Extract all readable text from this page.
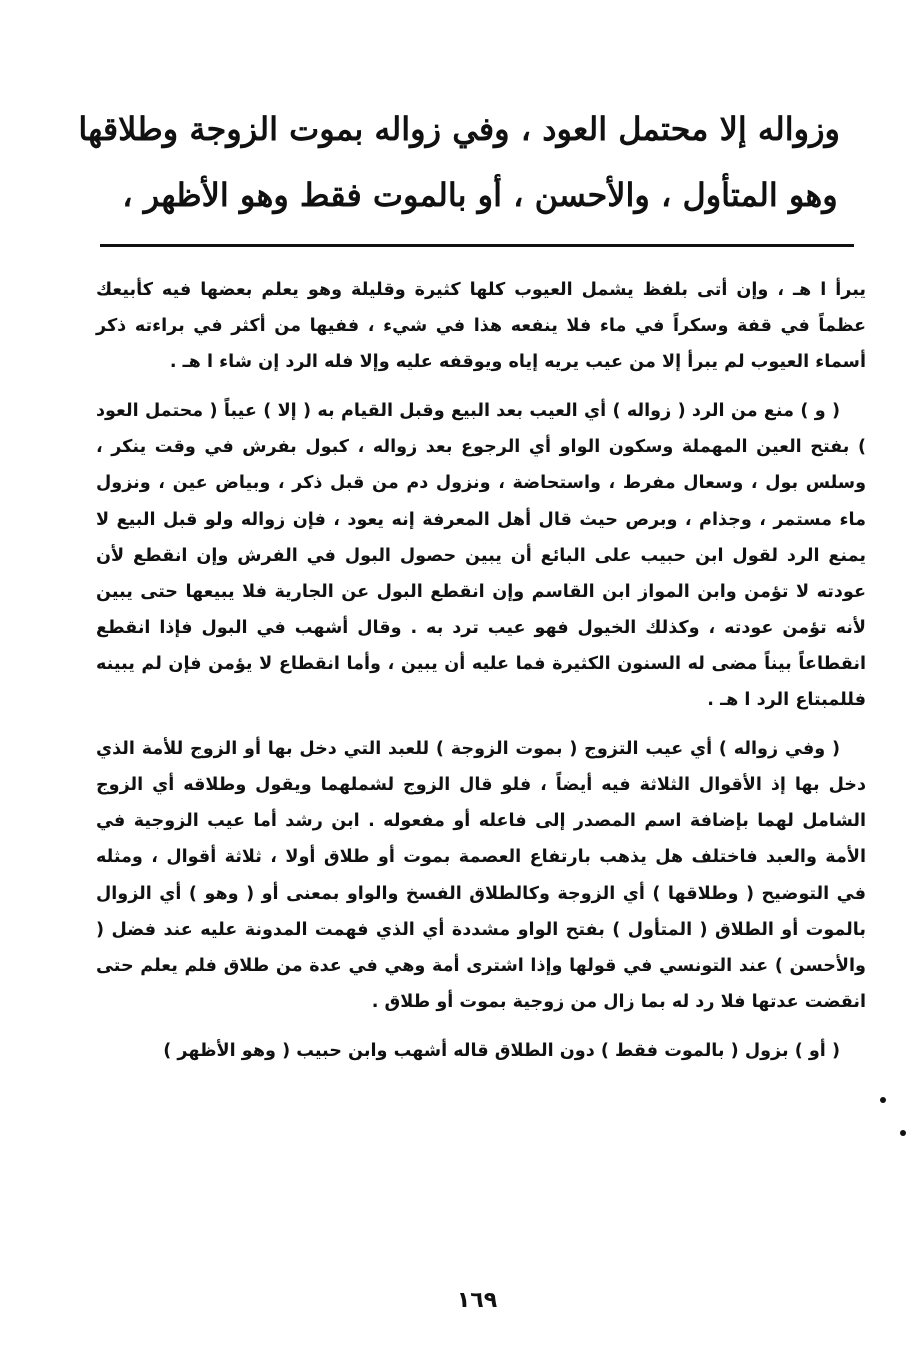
وزواله إلا محتمل العود ، وفي زواله بموت الزوجة وطلاقها
وهو المتأول ، والأحسن ، أو بالموت فقط وهو الأظهر ،

يبرأ ا هـ ، وإن أتى بلفظ يشمل العيوب كلها كثيرة وقليلة وهو يعلم بعضها فيه كأبيعك عظماً في قفة وسكراً في ماء فلا ينفعه هذا في شيء ، ففيها من أكثر في براءته ذكر أسماء العيوب لم يبرأ إلا من عيب يريه إياه ويوقفه عليه وإلا فله الرد إن شاء ا هـ .

( و ) منع من الرد ( زواله ) أي العيب بعد البيع وقبل القيام به ( إلا ) عيباً ( محتمل العود ) بفتح العين المهملة وسكون الواو أي الرجوع بعد زواله ، كبول بفرش في وقت ينكر ، وسلس بول ، وسعال مفرط ، واستحاضة ، ونزول دم من قبل ذكر ، وبياض عين ، ونزول ماء مستمر ، وجذام ، وبرص حيث قال أهل المعرفة إنه يعود ، فإن زواله ولو قبل البيع لا يمنع الرد لقول ابن حبيب على البائع أن يبين حصول البول في الفرش وإن انقطع لأن عودته لا تؤمن وابن المواز ابن القاسم وإن انقطع البول عن الجارية فلا يبيعها حتى يبين لأنه تؤمن عودته ، وكذلك الخيول فهو عيب ترد به . وقال أشهب في البول فإذا انقطع انقطاعاً بيناً مضى له السنون الكثيرة فما عليه أن يبين ، وأما انقطاع لا يؤمن فإن لم يبينه فللمبتاع الرد ا هـ .

( وفي زواله ) أي عيب التزوج ( بموت الزوجة ) للعبد التي دخل بها أو الزوج للأمة الذي دخل بها إذ الأقوال الثلاثة فيه أيضاً ، فلو قال الزوج لشملهما ويقول وطلاقه أي الزوج الشامل لهما بإضافة اسم المصدر إلى فاعله أو مفعوله . ابن رشد أما عيب الزوجية في الأمة والعبد فاختلف هل يذهب بارتفاع العصمة بموت أو طلاق أولا ، ثلاثة أقوال ، ومثله في التوضيح ( وطلاقها ) أي الزوجة وكالطلاق الفسخ والواو بمعنى أو ( وهو ) أي الزوال بالموت أو الطلاق ( المتأول ) بفتح الواو مشددة أي الذي فهمت المدونة عليه عند فضل ( والأحسن ) عند التونسي في قولها وإذا اشترى أمة وهي في عدة من طلاق فلم يعلم حتى انقضت عدتها فلا رد له بما زال من زوجية بموت أو طلاق .

( أو ) بزول ( بالموت فقط ) دون الطلاق قاله أشهب وابن حبيب ( وهو الأظهر )

١٦٩
